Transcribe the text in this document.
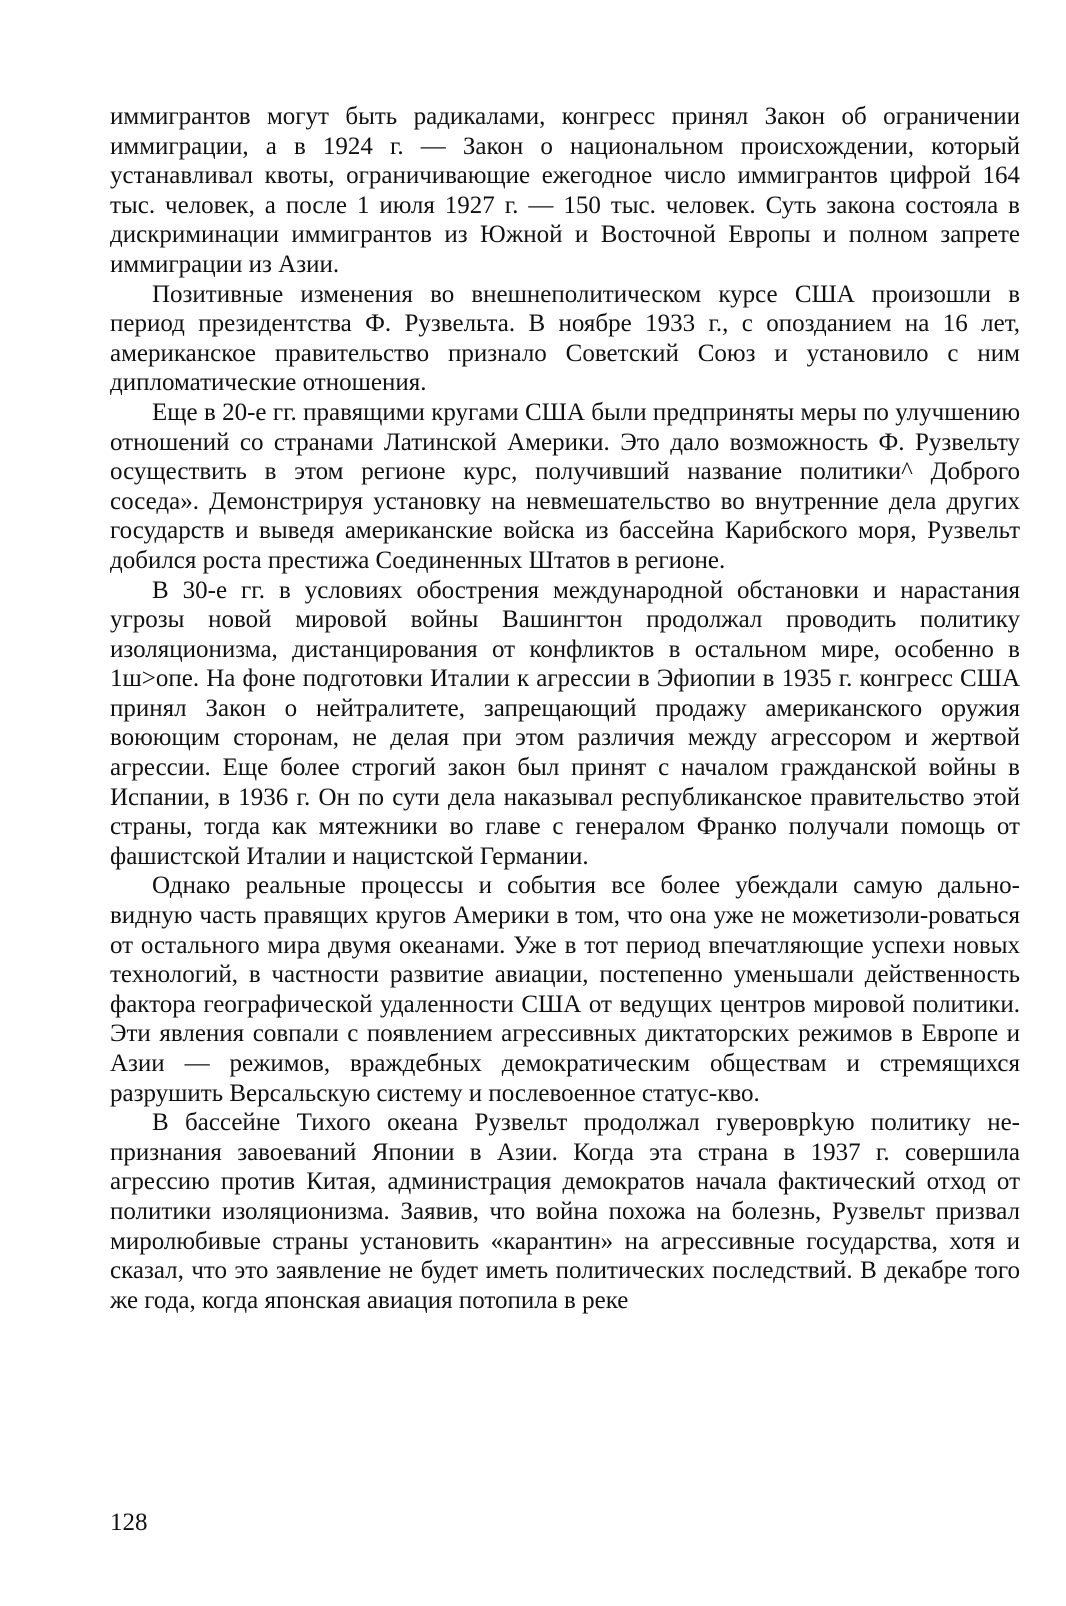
иммигрантов могут быть радикалами, конгресс принял Закон об ограничении иммиграции, а в 1924 г. — Закон о национальном происхождении, который устанавливал квоты, ограничивающие ежегодное число иммигрантов цифрой 164 тыс. человек, а после 1 июля 1927 г. — 150 тыс. человек. Суть закона состояла в дискриминации иммигрантов из Южной и Восточной Европы и полном запрете иммиграции из Азии.

Позитивные изменения во внешнеполитическом курсе США произошли в период президентства Ф. Рузвельта. В ноябре 1933 г., с опозданием на 16 лет, американское правительство признало Советский Союз и установило с ним дипломатические отношения.

Еще в 20-е гг. правящими кругами США были предприняты меры по улучшению отношений со странами Латинской Америки. Это дало возможность Ф. Рузвельту осуществить в этом регионе курс, получивший название политики^ Доброго соседа». Демонстрируя установку на невмешательство во внутренние дела других государств и выведя американские войска из бассейна Карибского моря, Рузвельт добился роста престижа Соединенных Штатов в регионе.

В 30-е гг. в условиях обострения международной обстановки и нарастания угрозы новой мировой войны Вашингтон продолжал проводить политику изоляционизма, дистанцирования от конфликтов в остальном мире, особенно в 1ш>опе. На фоне подготовки Италии к агрессии в Эфиопии в 1935 г. конгресс США принял Закон о нейтралитете, запрещающий продажу американского оружия воюющим сторонам, не делая при этом различия между агрессором и жертвой агрессии. Еще более строгий закон был принят с началом гражданской войны в Испании, в 1936 г. Он по сути дела наказывал республиканское правительство этой страны, тогда как мятежники во главе с генералом Франко получали помощь от фашистской Италии и нацистской Германии.

Однако реальные процессы и события все более убеждали самую дально-видную часть правящих кругов Америки в том, что она уже не можетизоли-роваться от остального мира двумя океанами. Уже в тот период впечатляющие успехи новых технологий, в частности развитие авиации, постепенно уменьшали действенность фактора географической удаленности США от ведущих центров мировой политики. Эти явления совпали с появлением агрессивных диктаторских режимов в Европе и Азии — режимов, враждебных демократическим обществам и стремящихся разрушить Версальскую систему и послевоенное статус-кво.

В бассейне Тихого океана Рузвельт продолжал гувероврkую политику не-признания завоеваний Японии в Азии. Когда эта страна в 1937 г. совершила агрессию против Китая, администрация демократов начала фактический отход от политики изоляционизма. Заявив, что война похожа на болезнь, Рузвельт призвал миролюбивые страны установить «карантин» на агрессивные государства, хотя и сказал, что это заявление не будет иметь политических последствий. В декабре того же года, когда японская авиация потопила в реке

128
